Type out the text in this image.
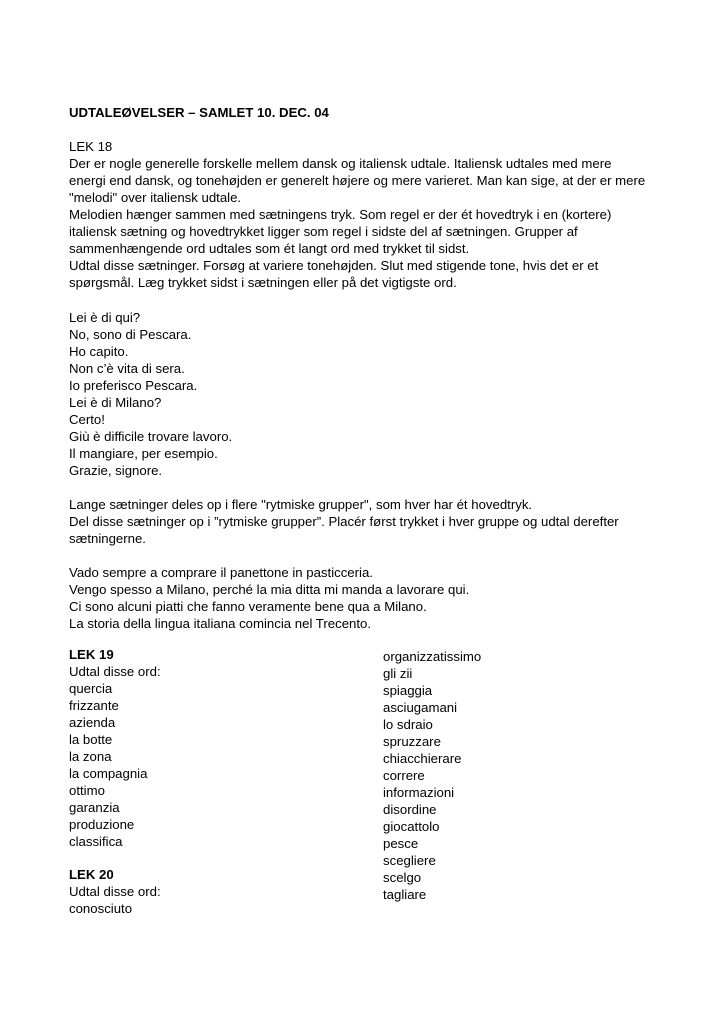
UDTALEØVELSER – SAMLET 10. DEC. 04
LEK 18
Der er nogle generelle forskelle mellem dansk og italiensk udtale. Italiensk udtales med mere
energi end dansk, og tonehøjden er generelt højere og mere varieret. Man kan sige, at der er mere
"melodi" over italiensk udtale.
Melodien hænger sammen med sætningens tryk. Som regel er der ét hovedtryk i en (kortere)
italiensk sætning og hovedtrykket ligger som regel i sidste del af sætningen. Grupper af
sammenhængende ord udtales som ét langt ord med trykket til sidst.
Udtal disse sætninger. Forsøg at variere tonehøjden. Slut med stigende tone, hvis det er et
spørgsmål. Læg trykket sidst i sætningen eller på det vigtigste ord.
Lei è di qui?
No, sono di Pescara.
Ho capito.
Non c’è vita di sera.
Io preferisco Pescara.
Lei è di Milano?
Certo!
Giù è difficile trovare lavoro.
Il mangiare, per esempio.
Grazie, signore.
Lange sætninger deles op i flere "rytmiske grupper", som hver har ét hovedtryk.
Del disse sætninger op i ”rytmiske grupper”. Placér først trykket i hver gruppe og udtal derefter
sætningerne.
Vado sempre a comprare il panettone in pasticceria.
Vengo spesso a Milano, perché la mia ditta mi manda a lavorare qui.
Ci sono alcuni piatti che fanno veramente bene qua a Milano.
La storia della lingua italiana comincia nel Trecento.
LEK 19
Udtal disse ord:
quercia
frizzante
azienda
la botte
la zona
la compagnia
ottimo
garanzia
produzione
classifica
LEK 20
Udtal disse ord:
conosciuto
organizzatissimo
gli zii
spiaggia
asciugamani
lo sdraio
spruzzare
chiacchierare
correre
informazioni
disordine
giocattolo
pesce
scegliere
scelgo
tagliare
